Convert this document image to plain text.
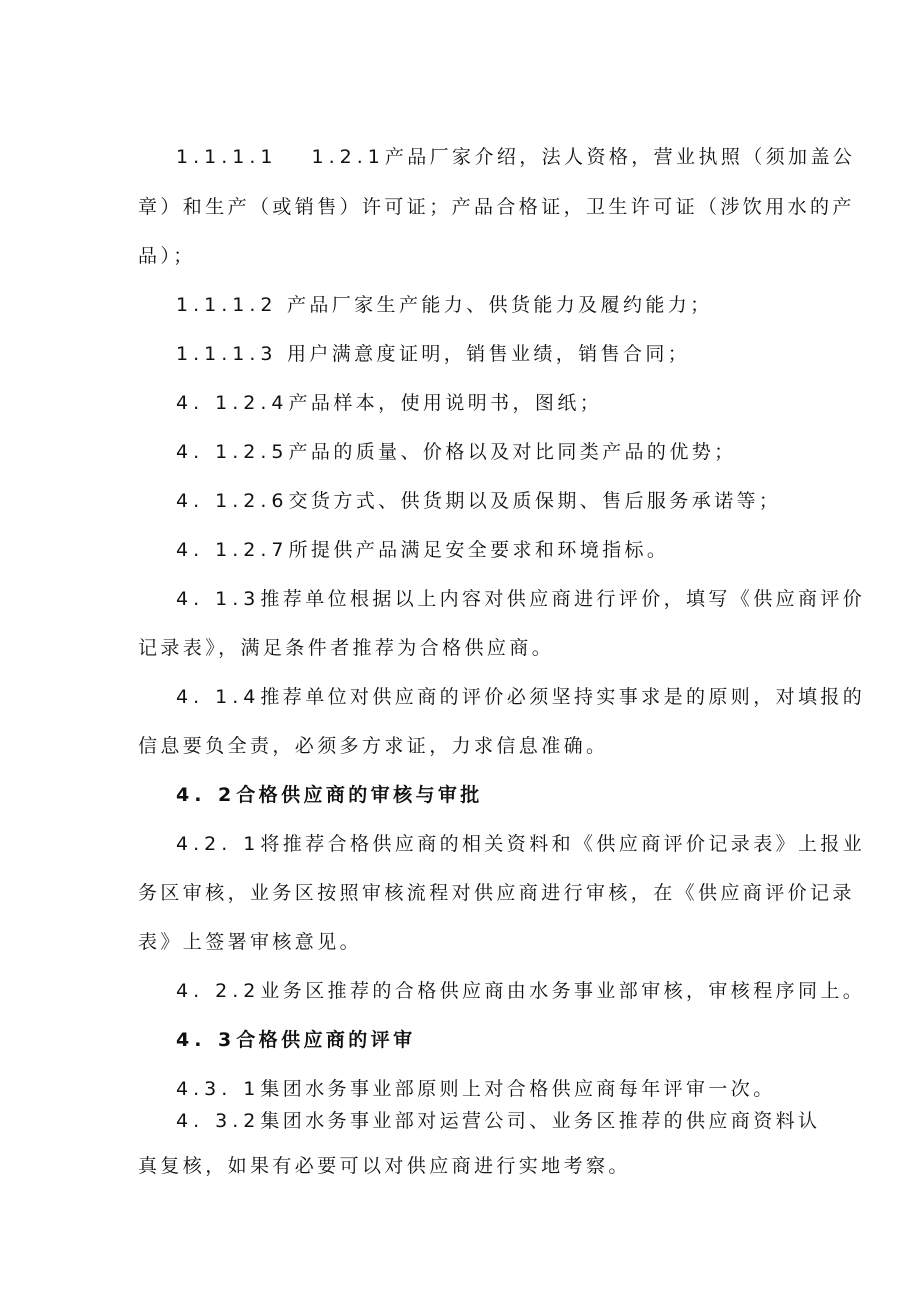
1.1.1.1 1.2.1产品厂家介绍，法人资格，营业执照（须加盖公
章）和生产（或销售）许可证；产品合格证，卫生许可证（涉饮用水的产
品）；
1.1.1.2 产品厂家生产能力、供货能力及履约能力；
1.1.1.3 用户满意度证明，销售业绩，销售合同；
4. 1.2.4产品样本，使用说明书，图纸；
4. 1.2.5产品的质量、价格以及对比同类产品的优势；
4. 1.2.6交货方式、供货期以及质保期、售后服务承诺等；
4. 1.2.7所提供产品满足安全要求和环境指标。
4. 1.3推荐单位根据以上内容对供应商进行评价，填写《供应商评价
记录表》，满足条件者推荐为合格供应商。
4. 1.4推荐单位对供应商的评价必须坚持实事求是的原则，对填报的
信息要负全责，必须多方求证，力求信息准确。
4. 2合格供应商的审核与审批
4.2. 1将推荐合格供应商的相关资料和《供应商评价记录表》上报业
务区审核，业务区按照审核流程对供应商进行审核，在《供应商评价记录
表》上签署审核意见。
4. 2.2业务区推荐的合格供应商由水务事业部审核，审核程序同上。
4. 3合格供应商的评审
4.3. 1集团水务事业部原则上对合格供应商每年评审一次。
4. 3.2集团水务事业部对运营公司、业务区推荐的供应商资料认
真复核，如果有必要可以对供应商进行实地考察。
